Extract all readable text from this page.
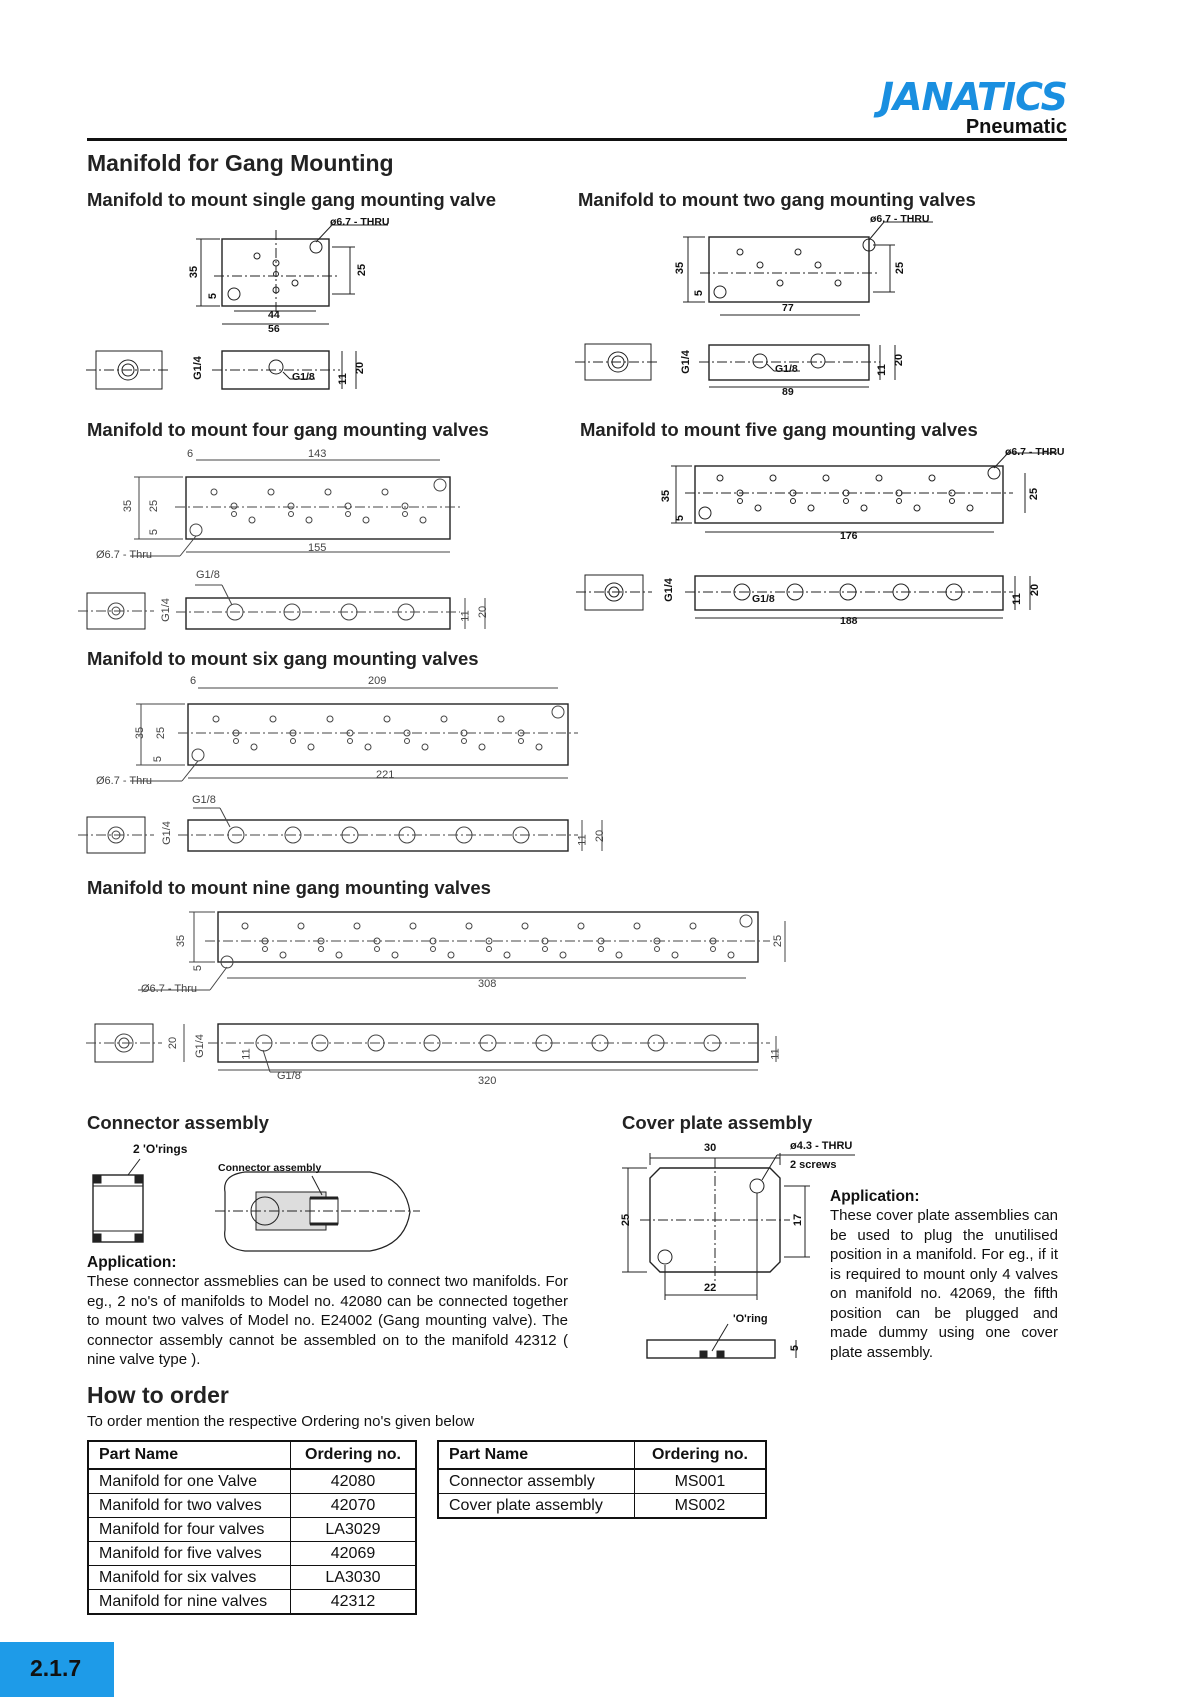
JANATICS
Pneumatic
Manifold for Gang Mounting
Manifold to mount single gang mounting valve	Manifold to mount two gang mounting valves
Manifold to mount four gang mounting valves	Manifold to mount five gang mounting valves
Manifold to mount six gang mounting valves
Manifold to mount nine gang mounting valves
Connector assembly	Cover plate assembly
ø6.7 - THRU
35
5
25
44
56
G1/4	G1/8 11
20
ø6.7 - THRU
35
5
25
77
G1/4	G1/8	11
20
89
6	143
35 25
5
Ø6.7 - Thru
155
G1/8
G1/4	11 20
ø6.7 - THRU
35
5
25
176
G1/4	G1/8	11
20
188
6	209
35 25
5
Ø6.7 - Thru	221
G1/8
G1/4	11 20
35
5
Ø6.7 - Thru	308
25
20 G1/4	11	11
G1/8	320
2 'O'rings
Connector assembly
30	ø4.3 - THRU
2 screws
25	17
22
'O'ring
5
Application:
These connector assmeblies can be used to connect two manifolds. For eg., 2 no's of manifolds to Model no. 42080 can be connected together to mount two valves of Model no. E24002 (Gang mounting valve). The connector assembly cannot be assembled on to the manifold 42312 ( nine valve type ).
Application:
These cover plate assemblies can be used to plug the unutilised position in a manifold. For eg., if it is required to mount only 4 valves on manifold no. 42069, the fifth position can be plugged and made dummy using one cover plate assembly.
How to order
To order mention the respective Ordering no's given below
Part Name	Ordering no.
Manifold for one Valve	42080
Manifold for two valves	42070
Manifold for four valves	LA3029
Manifold for five valves	42069
Manifold for six valves	LA3030
Manifold for nine valves	42312
Part Name	Ordering no.
Connector assembly	MS001
Cover plate assembly	MS002
2.1.7
